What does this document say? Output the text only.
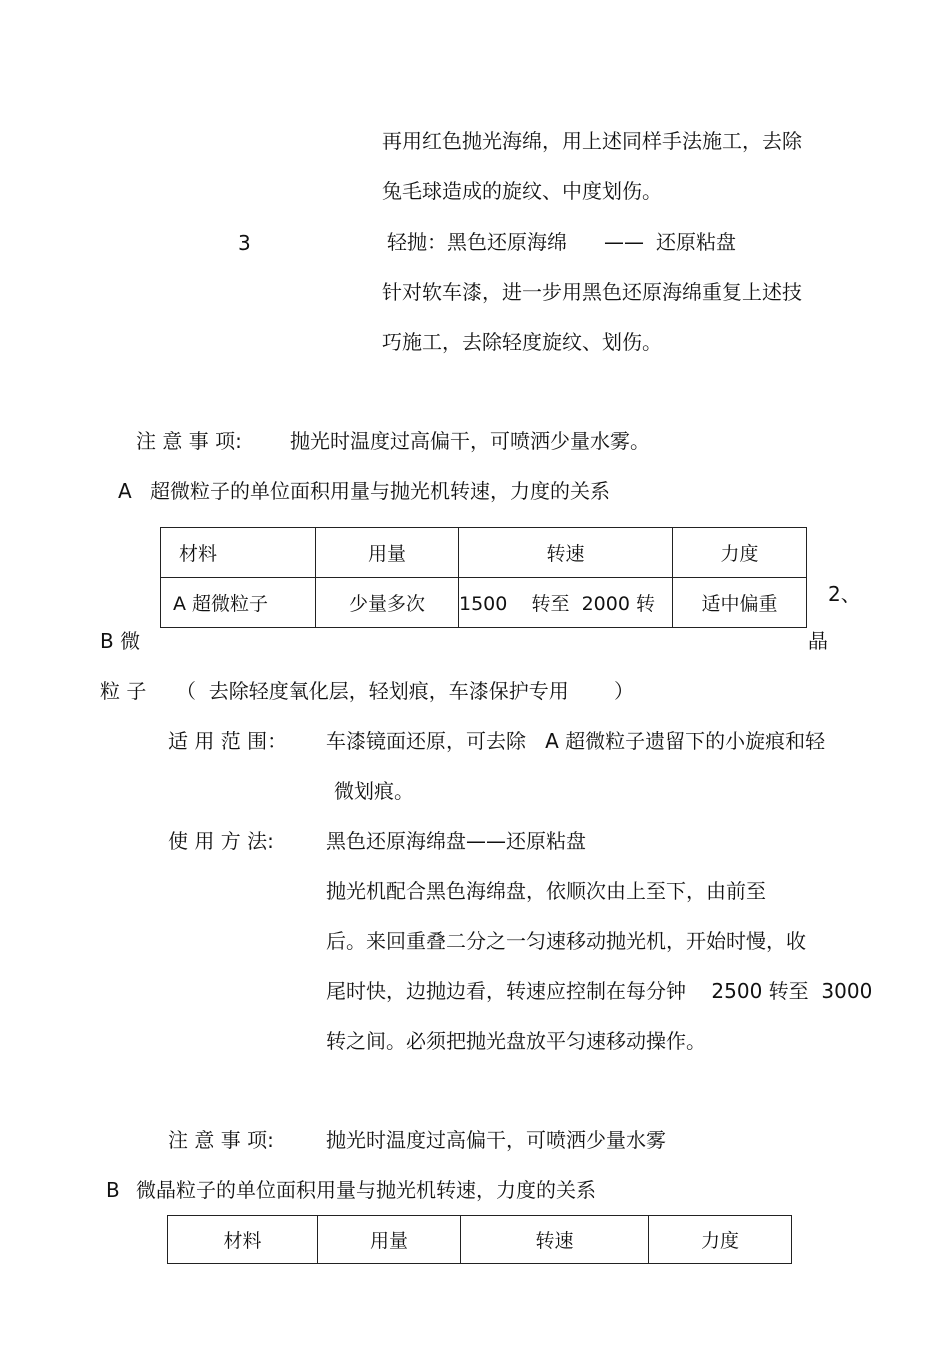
再用红色抛光海绵，用上述同样手法施工，去除
兔毛球造成的旋纹、中度划伤。
3	轻抛：黑色还原海绵 —— 还原粘盘
针对软车漆，进一步用黑色还原海绵重复上述技
巧施工，去除轻度旋纹、划伤。
注 意 事 项: 抛光时温度过高偏干，可喷洒少量水雾。
A 超微粒子的单位面积用量与抛光机转速，力度的关系
材料	用量	转速	力度
A 超微粒子	少量多次	1500    转至  2000 转	适中偏重	2、
B 微	晶
粒 子 （  去除轻度氧化层，轻划痕，车漆保护专用 ）
适 用 范 围： 车漆镜面还原，可去除   A 超微粒子遗留下的小旋痕和轻
微划痕。
使 用 方 法:	黑色还原海绵盘——还原粘盘
抛光机配合黑色海绵盘，依顺次由上至下，由前至
后。来回重叠二分之一匀速移动抛光机，开始时慢，收
尾时快，边抛边看，转速应控制在每分钟    2500 转至  3000
转之间。必须把抛光盘放平匀速移动操作。
注 意 事 项:	抛光时温度过高偏干，可喷洒少量水雾
B 微晶粒子的单位面积用量与抛光机转速，力度的关系
材料	用量	转速	力度
